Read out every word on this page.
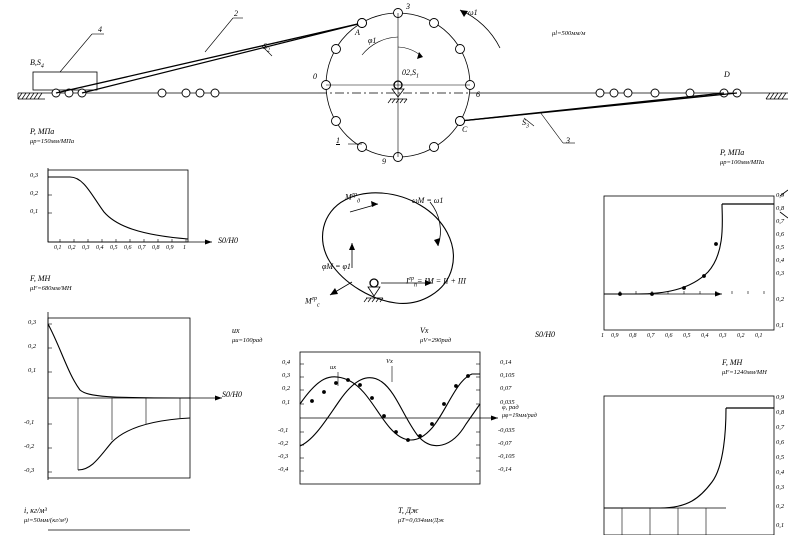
4
2
3
$B,S_4$
$S_2$
$S_3$
A
0
C
D
3
6
9
1
$02,S_1$
φ1
ω1
μl=500мм/м
$M^{гр}_д$
$M^{гр}_c$
ωM = ω1
φM = φ1
$I^{гр}_п=$ IM = II + III
P, МПа
μp=150мм/МПа
0,3
0,2
0,1
0,1 0,2 0,3 0,4 0,5 0,6 0,7 0,8 0,9 1
S0/H0
F, МН
μF=680мм/МН
0,3
0,2
0,1
-0,1
-0,2
-0,3
S0/H0
uх
μu=100рад
Vх
μV=290рад
0,4
0,3
0,2
0,1
-0,1
-0,2
-0,3
-0,4
0,14
0,105
0,07
0,035
-0,035
-0,07
-0,105
-0,14
uх
Vх
φ, рад
μφ=19мм/рад
P, МПа
μp=100мм/МПа
0,9
0,8
0,7
0,6
0,5
0,4
0,3
0,2
0,1
1 0,9 0,8 0,7 0,6 0,5 0,4 0,3 0,2 0,1
S0/H0
F, МН
μF=1240мм/МН
0,9
0,8
0,7
0,6
0,5
0,4
0,3
0,2
0,1
i, кг/м³
μi=50мм/(кг/м³)
T, Дж
μT=0,034мм/Дж
